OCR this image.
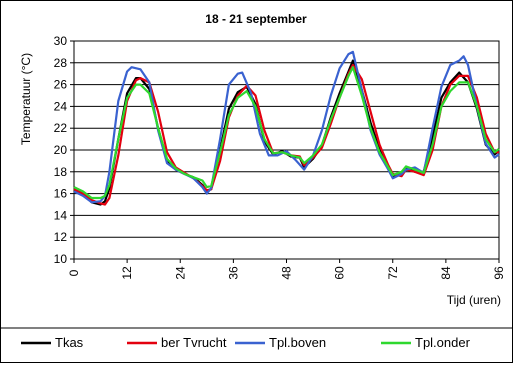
18 - 21 september
10
12
14
16
18
20
22
24
26
28
30
0	12	24	36	48	60	72	84	96
Temperatuur (°C)
Tijd (uren)
Tkas	ber Tvrucht	Tpl.boven	Tpl.onder
